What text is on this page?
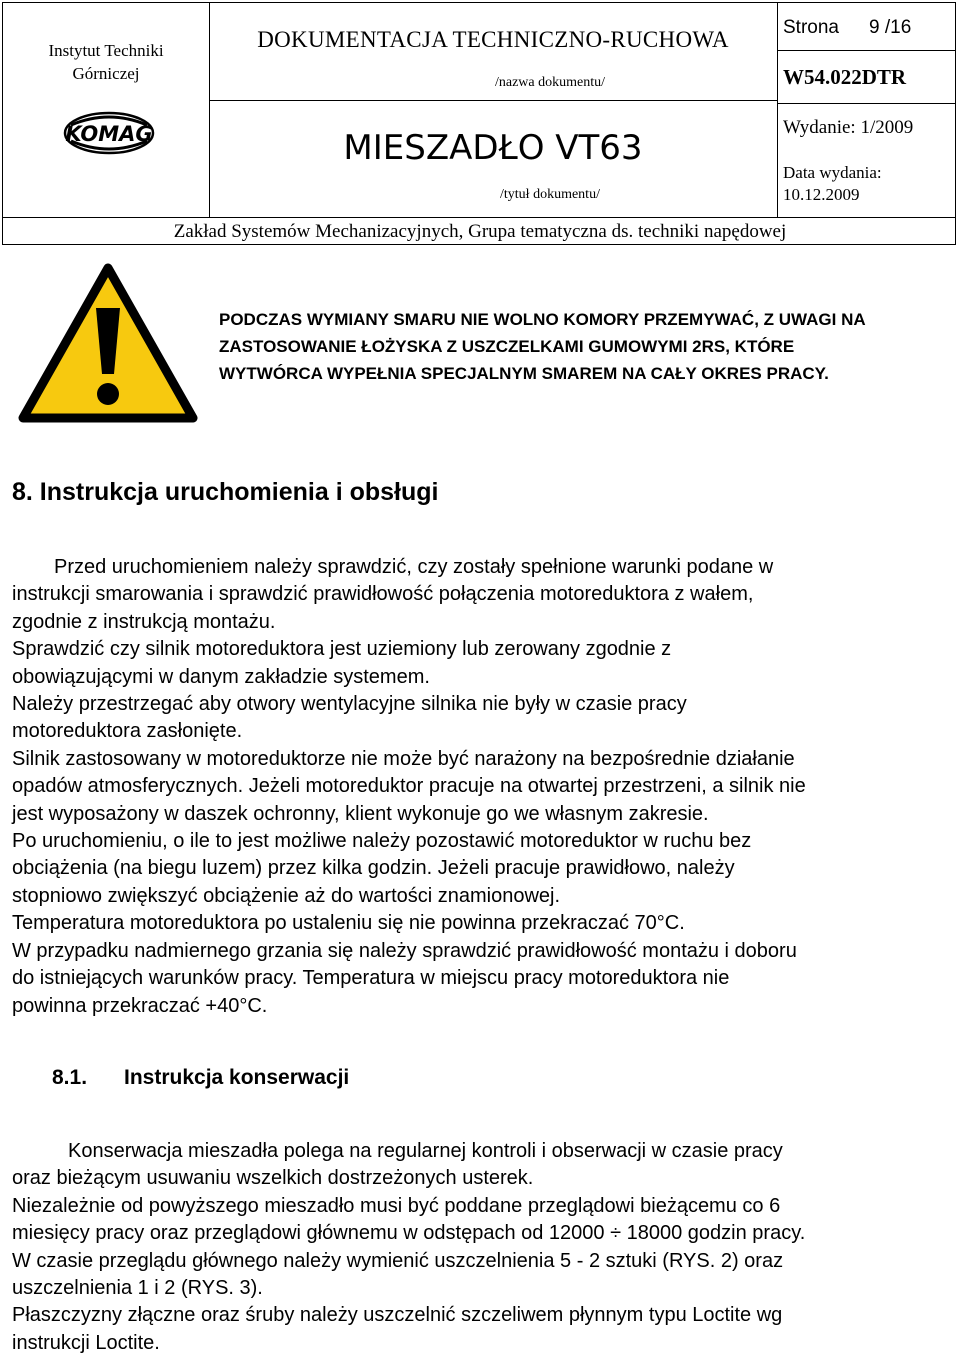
Instytut Techniki
Górniczej
KOMAG
DOKUMENTACJA TECHNICZNO-RUCHOWA
/nazwa dokumentu/
MIESZADŁO VT63
/tytuł dokumentu/
Strona 9 /16
W54.022DTR
Wydanie: 1/2009
Data wydania:
10.12.2009
Zakład Systemów Mechanizacyjnych, Grupa tematyczna ds. techniki napędowej
PODCZAS WYMIANY SMARU NIE WOLNO KOMORY PRZEMYWAĆ, Z UWAGI NA
ZASTOSOWANIE ŁOŻYSKA Z USZCZELKAMI GUMOWYMI 2RS, KTÓRE
WYTWÓRCA WYPEŁNIA SPECJALNYM SMAREM NA CAŁY OKRES PRACY.
8. Instrukcja uruchomienia i obsługi
Przed uruchomieniem należy sprawdzić, czy zostały spełnione warunki podane w
instrukcji smarowania i sprawdzić prawidłowość połączenia motoreduktora z wałem,
zgodnie z instrukcją montażu.
Sprawdzić czy silnik motoreduktora jest uziemiony lub zerowany zgodnie z
obowiązującymi w danym zakładzie systemem.
Należy przestrzegać aby otwory wentylacyjne silnika nie były w czasie pracy
motoreduktora zasłonięte.
Silnik zastosowany w motoreduktorze nie może być narażony na bezpośrednie działanie
opadów atmosferycznych. Jeżeli motoreduktor pracuje na otwartej przestrzeni, a silnik nie
jest wyposażony w daszek ochronny, klient wykonuje go we własnym zakresie.
Po uruchomieniu, o ile to jest możliwe należy pozostawić motoreduktor w ruchu bez
obciążenia (na biegu luzem) przez kilka godzin. Jeżeli pracuje prawidłowo, należy
stopniowo zwiększyć obciążenie aż do wartości znamionowej.
Temperatura motoreduktora po ustaleniu się nie powinna przekraczać 70°C.
W przypadku nadmiernego grzania się należy sprawdzić prawidłowość montażu i doboru
do istniejących warunków pracy. Temperatura w miejscu pracy motoreduktora nie
powinna przekraczać +40°C.
8.1. Instrukcja konserwacji
Konserwacja mieszadła polega na regularnej kontroli i obserwacji w czasie pracy
oraz bieżącym usuwaniu wszelkich dostrzeżonych usterek.
Niezależnie od powyższego mieszadło musi być poddane przeglądowi bieżącemu co 6
miesięcy pracy oraz przeglądowi głównemu w odstępach od 12000 ÷ 18000 godzin pracy.
W czasie przeglądu głównego należy wymienić uszczelnienia 5 - 2 sztuki (RYS. 2) oraz
uszczelnienia 1 i 2 (RYS. 3).
Płaszczyzny złączne oraz śruby należy uszczelnić szczeliwem płynnym typu Loctite wg
instrukcji Loctite.
